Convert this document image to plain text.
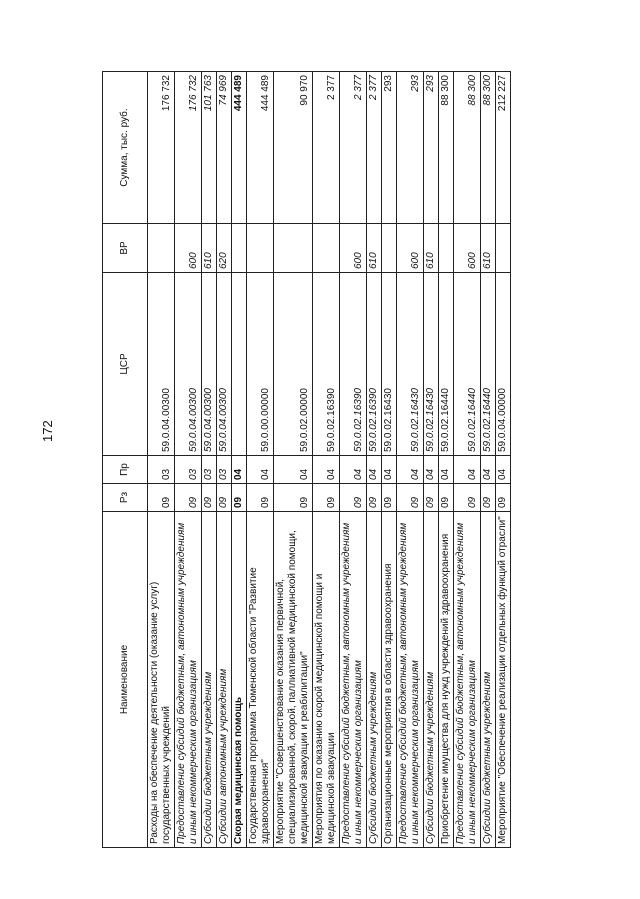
172
Наименование	Рз	Пр	ЦСР	ВР	Сумма, тыс. руб.
Расходы на обеспечение деятельности (оказание услуг) государственных учреждений	09	03	59.0.04.00300		176 732
Предоставление субсидий бюджетным, автономным учреждениям и иным некоммерческим организациям	09	03	59.0.04.00300	600	176 732
Субсидии бюджетным учреждениям	09	03	59.0.04.00300	610	101 763
Субсидии автономным учреждениям	09	03	59.0.04.00300	620	74 969
Скорая медицинская помощь	09	04			444 489
Государственная программа Тюменской области "Развитие здравоохранения"	09	04	59.0.00.00000		444 489
Мероприятие "Совершенствование оказания первичной, специализированной, скорой, паллиативной медицинской помощи, медицинской эвакуации и реабилитации"	09	04	59.0.02.00000		90 970
Мероприятия по оказанию скорой медицинской помощи и медицинской эвакуации	09	04	59.0.02.16390		2 377
Предоставление субсидий бюджетным, автономным учреждениям и иным некоммерческим организациям	09	04	59.0.02.16390	600	2 377
Субсидии бюджетным учреждениям	09	04	59.0.02.16390	610	2 377
Организационные мероприятия в области здравоохранения	09	04	59.0.02.16430		293
Предоставление субсидий бюджетным, автономным учреждениям и иным некоммерческим организациям	09	04	59.0.02.16430	600	293
Субсидии бюджетным учреждениям	09	04	59.0.02.16430	610	293
Приобретение имущества для нужд учреждений здравоохранения	09	04	59.0.02.16440		88 300
Предоставление субсидий бюджетным, автономным учреждениям и иным некоммерческим организациям	09	04	59.0.02.16440	600	88 300
Субсидии бюджетным учреждениям	09	04	59.0.02.16440	610	88 300
Мероприятие "Обеспечение реализации отдельных функций отрасли"	09	04	59.0.04.00000		212 227
